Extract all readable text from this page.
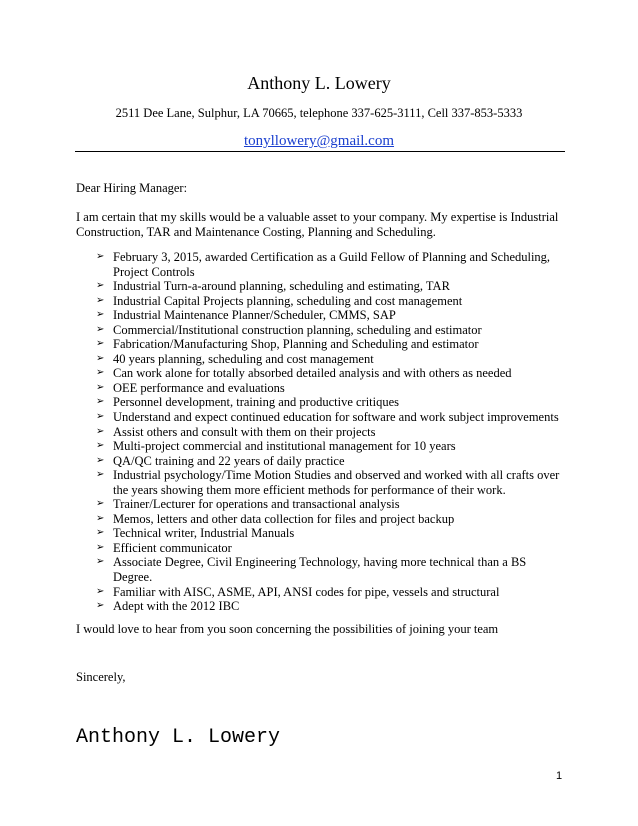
Anthony L. Lowery
2511 Dee Lane, Sulphur, LA 70665, telephone 337-625-3111, Cell 337-853-5333
tonyllowery@gmail.com
Dear Hiring Manager:
I am certain that my skills would be a valuable asset to your company. My expertise is Industrial Construction, TAR and Maintenance Costing, Planning and Scheduling.
➢ February 3, 2015, awarded Certification as a Guild Fellow of Planning and Scheduling, Project Controls
➢ Industrial Turn-a-around planning, scheduling and estimating, TAR
➢ Industrial Capital Projects planning, scheduling and cost management
➢ Industrial Maintenance Planner/Scheduler, CMMS, SAP
➢ Commercial/Institutional construction planning, scheduling and estimator
➢ Fabrication/Manufacturing Shop, Planning and Scheduling and estimator
➢ 40 years planning, scheduling and cost management
➢ Can work alone for totally absorbed detailed analysis and with others as needed
➢ OEE performance and evaluations
➢ Personnel development, training and productive critiques
➢ Understand and expect continued education for software and work subject improvements
➢ Assist others and consult with them on their projects
➢ Multi-project commercial and institutional management for 10 years
➢ QA/QC training and 22 years of daily practice
➢ Industrial psychology/Time Motion Studies and observed and worked with all crafts over the years showing them more efficient methods for performance of their work.
➢ Trainer/Lecturer for operations and transactional analysis
➢ Memos, letters and other data collection for files and project backup
➢ Technical writer, Industrial Manuals
➢ Efficient communicator
➢ Associate Degree, Civil Engineering Technology, having more technical than a BS Degree.
➢ Familiar with AISC, ASME, API, ANSI codes for pipe, vessels and structural
➢ Adept with the 2012 IBC
I would love to hear from you soon concerning the possibilities of joining your team
Sincerely,
Anthony L. Lowery
1
